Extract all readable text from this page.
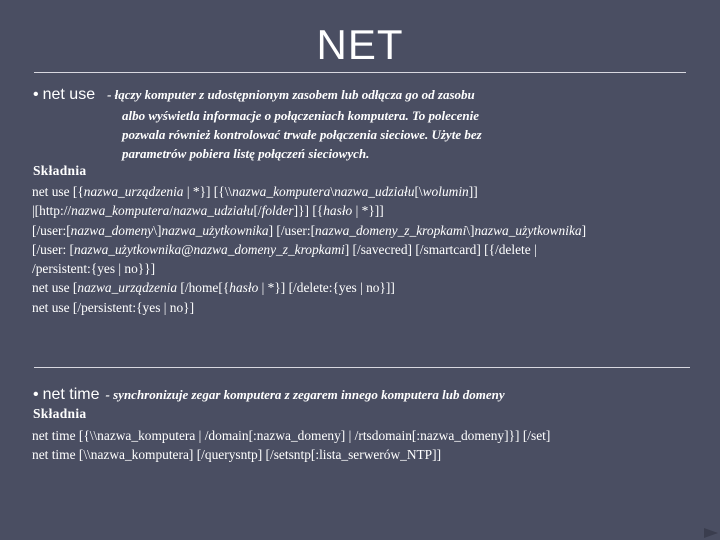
NET
• net use - łączy komputer z udostępnionym zasobem lub odłącza go od zasobu
albo wyświetla informacje o połączeniach komputera. To polecenie
pozwala również kontrolować trwałe połączenia sieciowe. Użyte bez
parametrów pobiera listę połączeń sieciowych.
Składnia
net use [{nazwa_urządzenia | *}] [{\\nazwa_komputera\nazwa_udziału[\wolumin]]
|[http://nazwa_komputera/nazwa_udziału[/folder]}] [{hasło | *}]]
[/user:[nazwa_domeny\]nazwa_użytkownika] [/user:[nazwa_domeny_z_kropkami\]nazwa_użytkownika]
[/user: [nazwa_użytkownika@nazwa_domeny_z_kropkami] [/savecred] [/smartcard] [{/delete |
/persistent:{yes | no}}]
net use [nazwa_urządzenia [/home[{hasło | *}] [/delete:{yes | no}]]
net use [/persistent:{yes | no}]
• net time - synchronizuje zegar komputera z zegarem innego komputera lub domeny
Składnia
net time [{\\nazwa_komputera | /domain[:nazwa_domeny] | /rtsdomain[:nazwa_domeny]}] [/set]
net time [\\nazwa_komputera] [/querysntp] [/setsntp[:lista_serwerów_NTP]]
